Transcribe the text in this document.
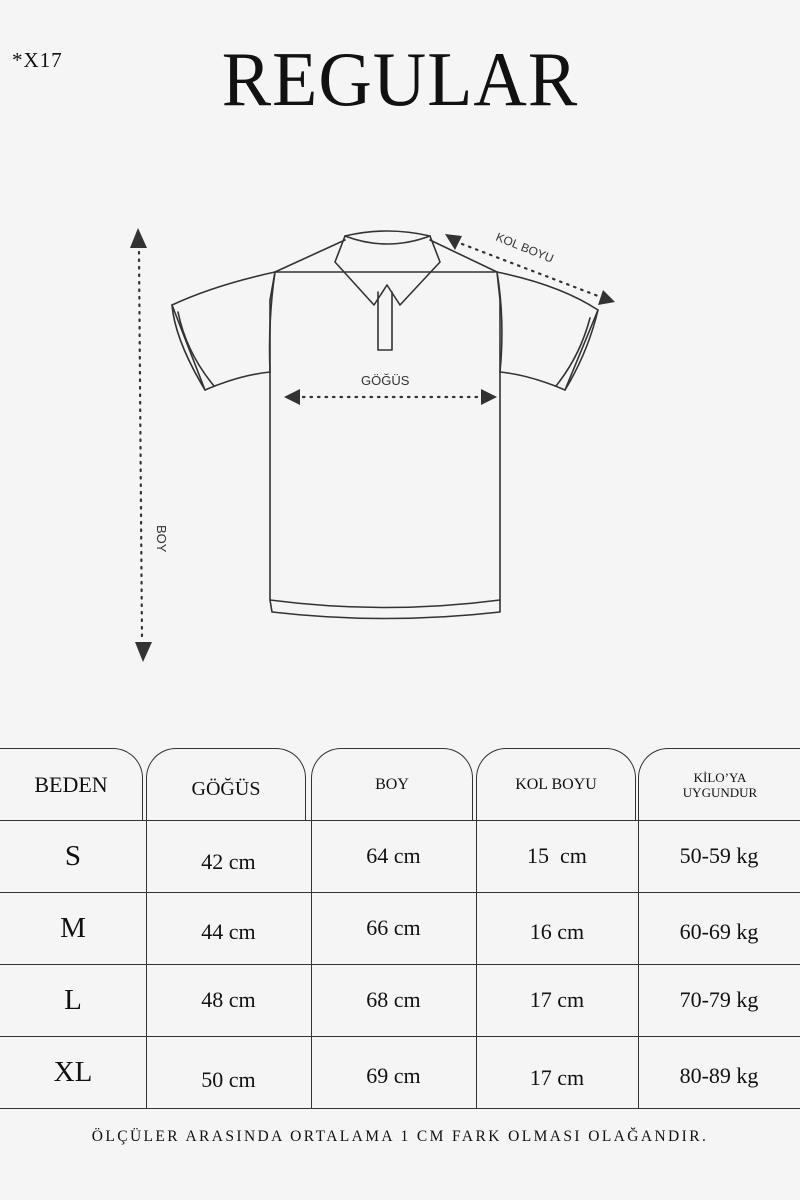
*X17	REGULAR
BOY
GÖĞÜS
KOL BOYU
BEDEN	GÖĞÜS	BOY	KOL BOYU	KİLO’YA
UYGUNDUR
S	42 cm	64 cm	15  cm	50-59 kg
M	44 cm	66 cm	16 cm	60-69 kg
L	48 cm	68 cm	17 cm	70-79 kg
XL	50 cm	69 cm	17 cm	80-89 kg
ÖLÇÜLER ARASINDA ORTALAMA 1 CM FARK OLMASI OLAĞANDIR.
